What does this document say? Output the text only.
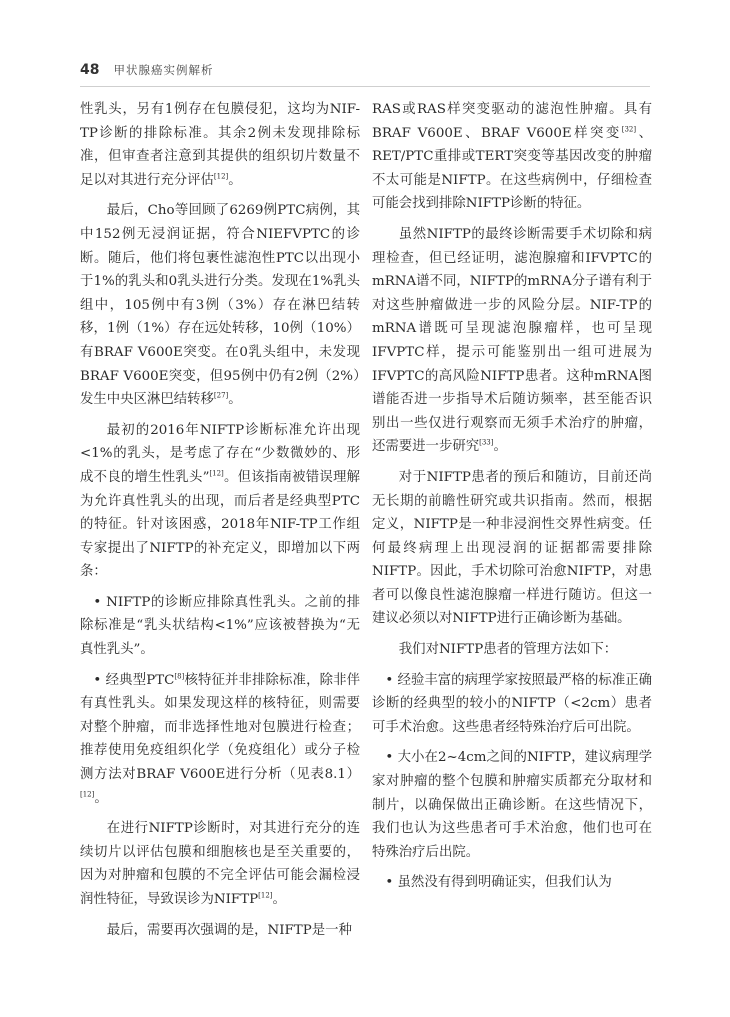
48 甲状腺癌实例解析

性乳头，另有1例存在包膜侵犯，这均为NIF-TP诊断的排除标准。其余2例未发现排除标准，但审查者注意到其提供的组织切片数量不足以对其进行充分评估[12]。

最后，Cho等回顾了6269例PTC病例，其中152例无浸润证据，符合NIEFVPTC的诊断。随后，他们将包裹性滤泡性PTC以出现小于1%的乳头和0乳头进行分类。发现在1%乳头组中，105例中有3例（3%）存在淋巴结转移，1例（1%）存在远处转移，10例（10%）有BRAF V600E突变。在0乳头组中，未发现BRAF V600E突变，但95例中仍有2例（2%）发生中央区淋巴结转移[27]。

最初的2016年NIFTP诊断标准允许出现<1%的乳头，是考虑了存在“少数微妙的、形成不良的增生性乳头”[12]。但该指南被错误理解为允许真性乳头的出现，而后者是经典型PTC的特征。针对该困惑，2018年NIF-TP工作组专家提出了NIFTP的补充定义，即增加以下两条：

• NIFTP的诊断应排除真性乳头。之前的排除标准是“乳头状结构<1%”应该被替换为“无真性乳头”。

• 经典型PTC[8]核特征并非排除标准，除非伴有真性乳头。如果发现这样的核特征，则需要对整个肿瘤，而非选择性地对包膜进行检查；推荐使用免疫组织化学（免疫组化）或分子检测方法对BRAF V600E进行分析（见表8.1）[12]。

在进行NIFTP诊断时，对其进行充分的连续切片以评估包膜和细胞核也是至关重要的，因为对肿瘤和包膜的不完全评估可能会漏检浸润性特征，导致误诊为NIFTP[12]。

最后，需要再次强调的是，NIFTP是一种

RAS或RAS样突变驱动的滤泡性肿瘤。具有BRAF V600E、BRAF V600E样突变[32]、RET/PTC重排或TERT突变等基因改变的肿瘤不太可能是NIFTP。在这些病例中，仔细检查可能会找到排除NIFTP诊断的特征。

虽然NIFTP的最终诊断需要手术切除和病理检查，但已经证明，滤泡腺瘤和IFVPTC的mRNA谱不同，NIFTP的mRNA分子谱有利于对这些肿瘤做进一步的风险分层。NIF-TP的mRNA谱既可呈现滤泡腺瘤样，也可呈现IFVPTC样，提示可能鉴别出一组可进展为IFVPTC的高风险NIFTP患者。这种mRNA图谱能否进一步指导术后随访频率，甚至能否识别出一些仅进行观察而无须手术治疗的肿瘤，还需要进一步研究[33]。

对于NIFTP患者的预后和随访，目前还尚无长期的前瞻性研究或共识指南。然而，根据定义，NIFTP是一种非浸润性交界性病变。任何最终病理上出现浸润的证据都需要排除NIFTP。因此，手术切除可治愈NIFTP，对患者可以像良性滤泡腺瘤一样进行随访。但这一建议必须以对NIFTP进行正确诊断为基础。

我们对NIFTP患者的管理方法如下：

• 经验丰富的病理学家按照最严格的标准正确诊断的经典型的较小的NIFTP（<2cm）患者可手术治愈。这些患者经特殊治疗后可出院。

• 大小在2~4cm之间的NIFTP，建议病理学家对肿瘤的整个包膜和肿瘤实质都充分取材和制片，以确保做出正确诊断。在这些情况下，我们也认为这些患者可手术治愈，他们也可在特殊治疗后出院。

• 虽然没有得到明确证实，但我们认为
